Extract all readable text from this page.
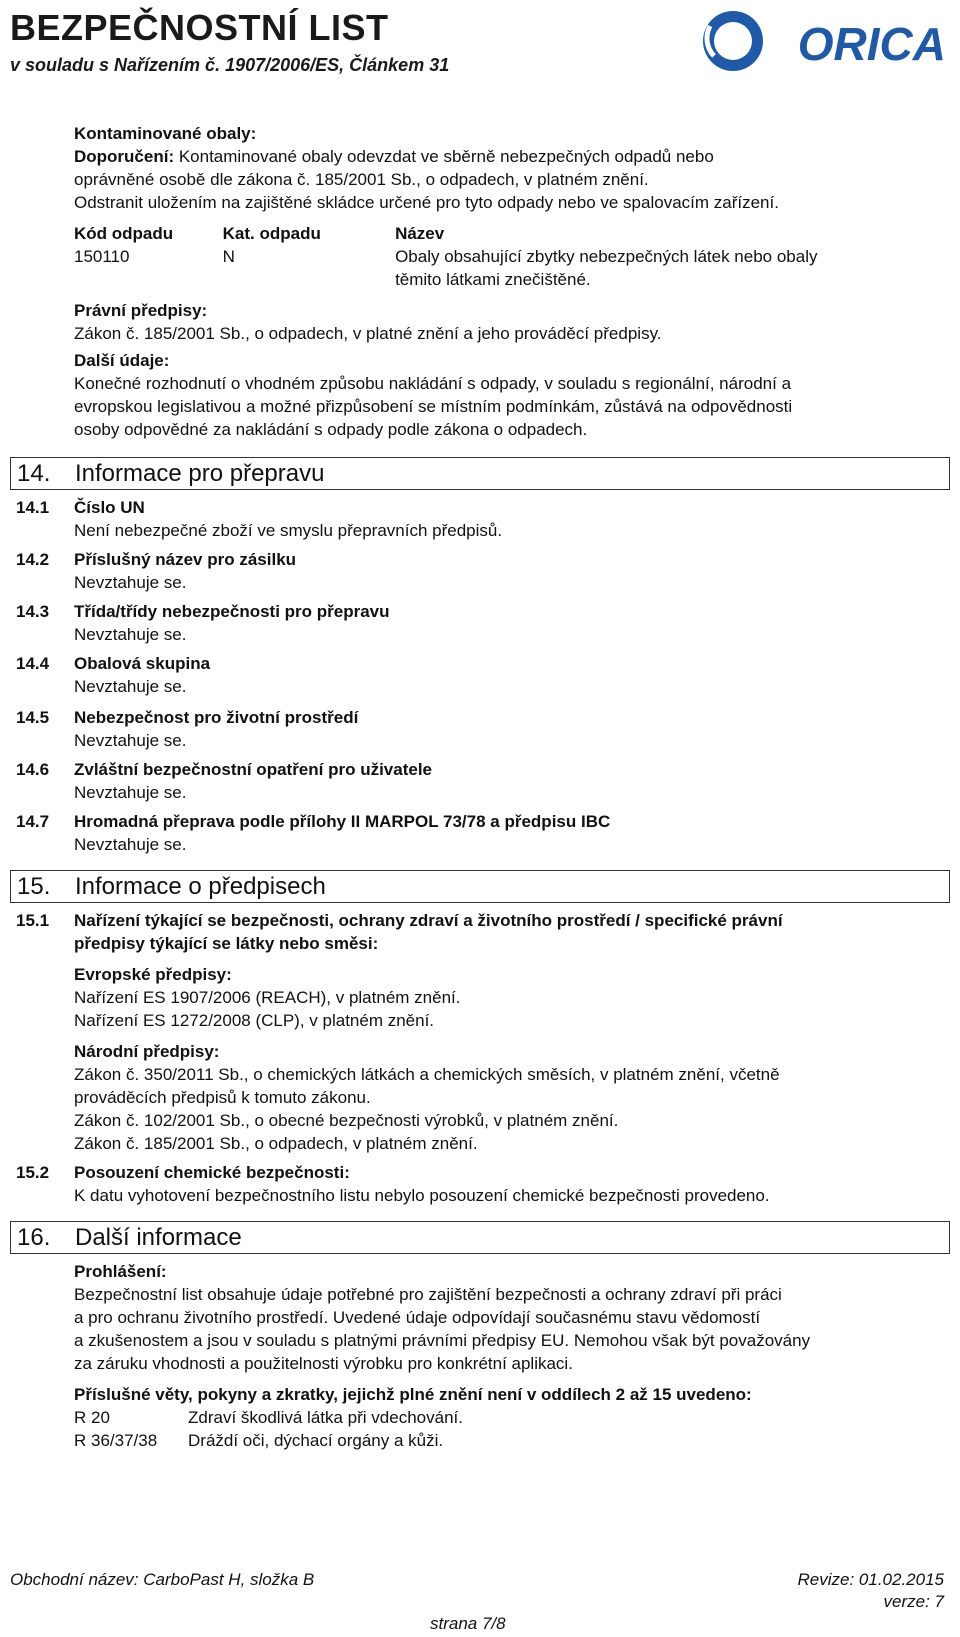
BEZPEČNOSTNÍ LIST
v souladu s Nařízením č. 1907/2006/ES, Článkem 31	ORICA
Kontaminované obaly:
Doporučení: Kontaminované obaly odevzdat ve sběrně nebezpečných odpadů nebo
oprávněné osobě dle zákona č. 185/2001 Sb., o odpadech, v platném znění.
Odstranit uložením na zajištěné skládce určené pro tyto odpady nebo ve spalovacím zařízení.
Kód odpadu	Kat. odpadu	Název
150110	N	Obaly obsahující zbytky nebezpečných látek nebo obaly
těmito látkami znečištěné.
Právní předpisy:
Zákon č. 185/2001 Sb., o odpadech, v platné znění a jeho prováděcí předpisy.
Další údaje:
Konečné rozhodnutí o vhodném způsobu nakládání s odpady, v souladu s regionální, národní a
evropskou legislativou a možné přizpůsobení se místním podmínkám, zůstává na odpovědnosti
osoby odpovědné za nakládání s odpady podle zákona o odpadech.
14.	Informace pro přepravu
14.1	Číslo UN
Není nebezpečné zboží ve smyslu přepravních předpisů.
14.2	Příslušný název pro zásilku
Nevztahuje se.
14.3	Třída/třídy nebezpečnosti pro přepravu
Nevztahuje se.
14.4	Obalová skupina
Nevztahuje se.
14.5	Nebezpečnost pro životní prostředí
Nevztahuje se.
14.6	Zvláštní bezpečnostní opatření pro uživatele
Nevztahuje se.
14.7	Hromadná přeprava podle přílohy II MARPOL 73/78 a předpisu IBC
Nevztahuje se.
15.	Informace o předpisech
15.1	Nařízení týkající se bezpečnosti, ochrany zdraví a životního prostředí / specifické právní
předpisy týkající se látky nebo směsi:
Evropské předpisy:
Nařízení ES 1907/2006 (REACH), v platném znění.
Nařízení ES 1272/2008 (CLP), v platném znění.
Národní předpisy:
Zákon č. 350/2011 Sb., o chemických látkách a chemických směsích, v platném znění, včetně
prováděcích předpisů k tomuto zákonu.
Zákon č. 102/2001 Sb., o obecné bezpečnosti výrobků, v platném znění.
Zákon č. 185/2001 Sb., o odpadech, v platném znění.
15.2	Posouzení chemické bezpečnosti:
K datu vyhotovení bezpečnostního listu nebylo posouzení chemické bezpečnosti provedeno.
16.	Další informace
Prohlášení:
Bezpečnostní list obsahuje údaje potřebné pro zajištění bezpečnosti a ochrany zdraví při práci
a pro ochranu životního prostředí. Uvedené údaje odpovídají současnému stavu vědomostí
a zkušenostem a jsou v souladu s platnými právními předpisy EU. Nemohou však být považovány
za záruku vhodnosti a použitelnosti výrobku pro konkrétní aplikaci.
Příslušné věty, pokyny a zkratky, jejichž plné znění není v oddílech 2 až 15 uvedeno:
R 20	Zdraví škodlivá látka při vdechování.
R 36/37/38	Dráždí oči, dýchací orgány a kůži.
Obchodní název: CarboPast H, složka B	Revize: 01.02.2015
verze: 7
strana 7/8
